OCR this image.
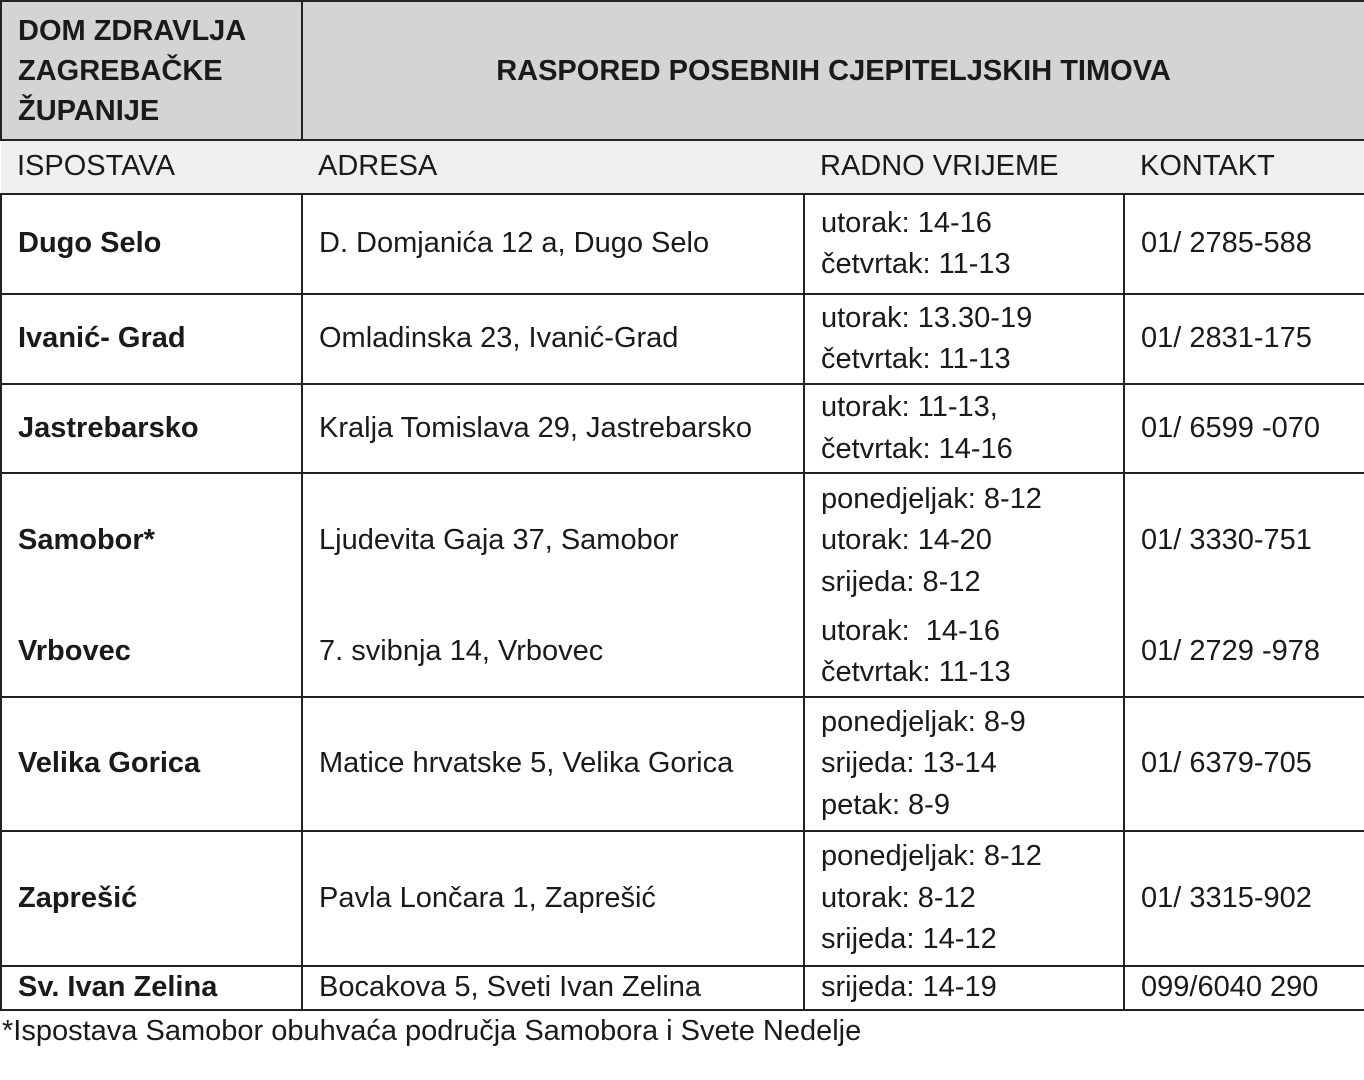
DOM ZDRAVLJA
ZAGREBAČKE
ŽUPANIJE	RASPORED POSEBNIH CJEPITELJSKIH TIMOVA		
ISPOSTAVA	ADRESA	RADNO VRIJEME	KONTAKT
Dugo Selo	D. Domjanića 12 a, Dugo Selo	utorak: 14-16
četvrtak: 11-13	01/ 2785-588
Ivanić- Grad	Omladinska 23, Ivanić-Grad	utorak: 13.30-19
četvrtak: 11-13	01/ 2831-175
Jastrebarsko	Kralja Tomislava 29, Jastrebarsko	utorak: 11-13,
četvrtak: 14-16	01/ 6599 -070
Samobor*	Ljudevita Gaja 37, Samobor	ponedjeljak: 8-12
utorak: 14-20
srijeda: 8-12	01/ 3330-751
Vrbovec	7. svibnja 14, Vrbovec	utorak:  14-16
četvrtak: 11-13	01/ 2729 -978
Velika Gorica	Matice hrvatske 5, Velika Gorica	ponedjeljak: 8-9
srijeda: 13-14
petak: 8-9	01/ 6379-705
Zaprešić	Pavla Lončara 1, Zaprešić	ponedjeljak: 8-12
utorak: 8-12
srijeda: 14-12	01/ 3315-902
Sv. Ivan Zelina	Bocakova 5, Sveti Ivan Zelina	srijeda: 14-19	099/6040 290
*Ispostava Samobor obuhvaća područja Samobora i Svete Nedelje
